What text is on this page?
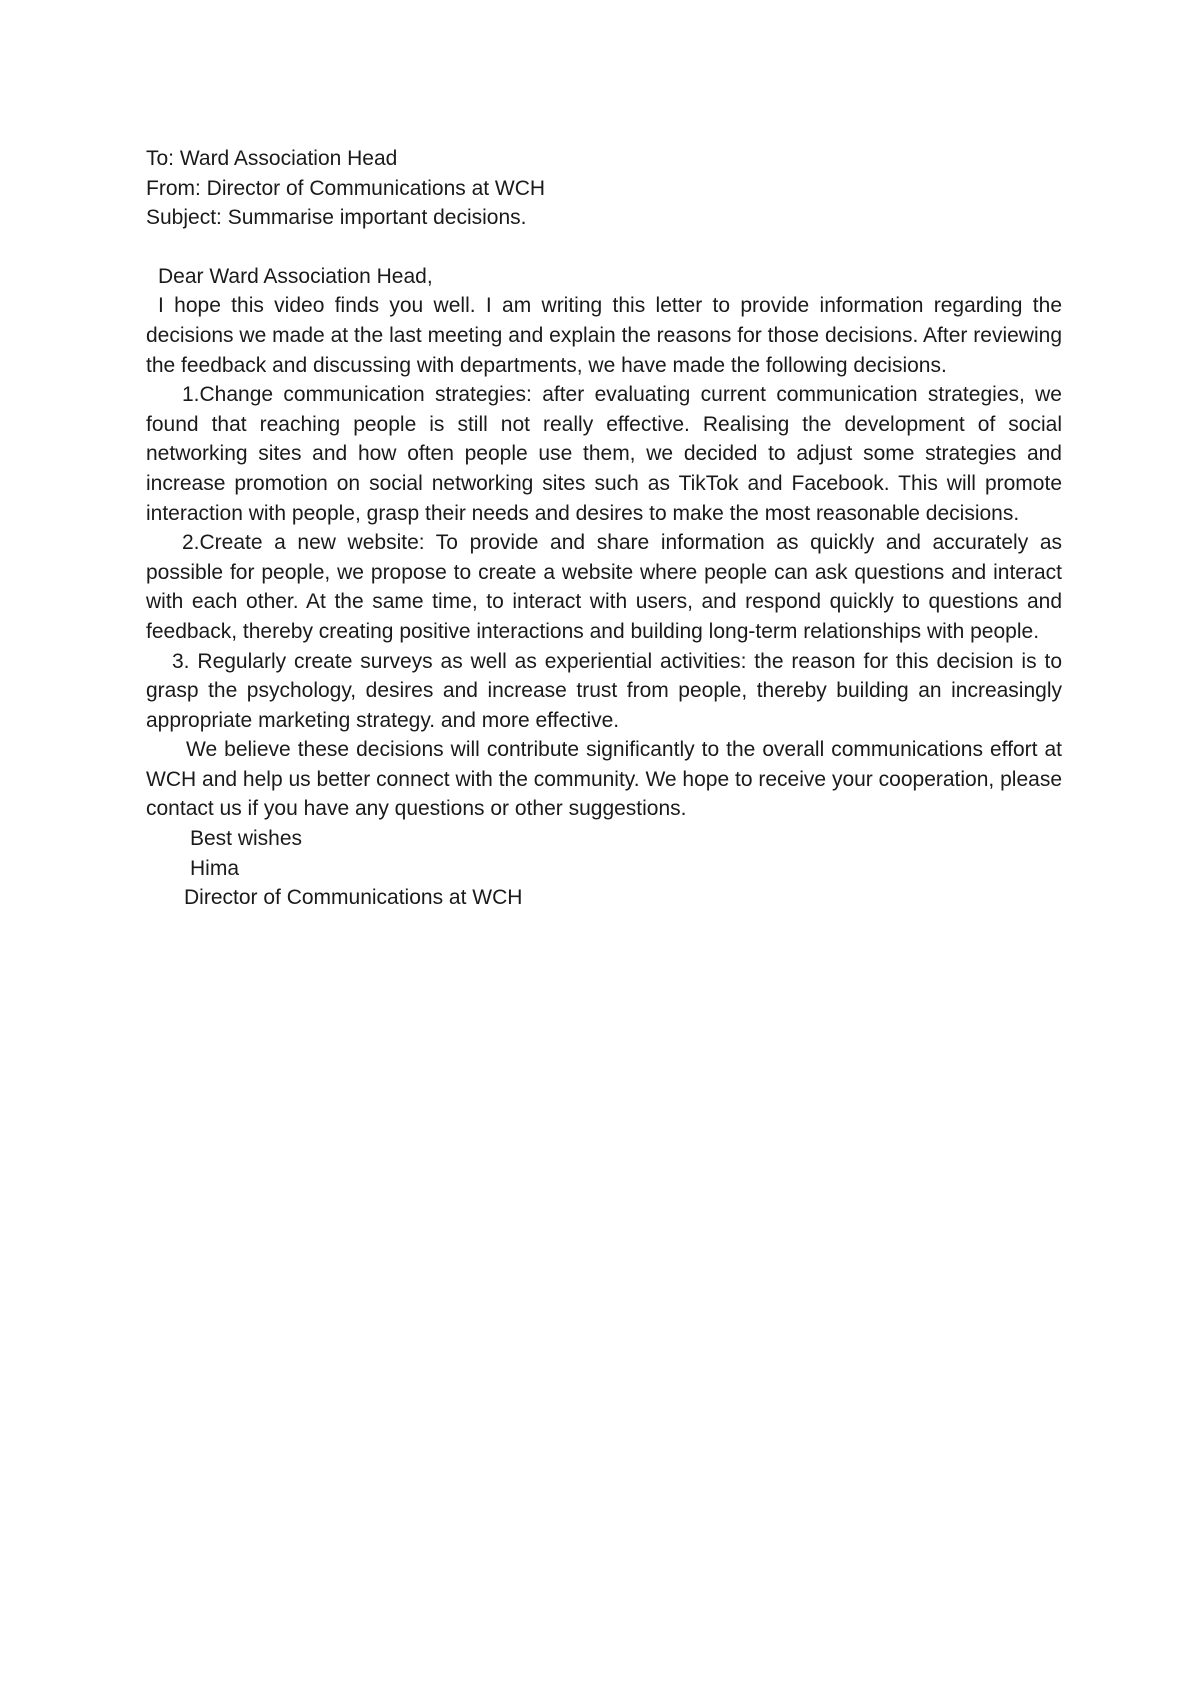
To: Ward Association Head

From: Director of Communications at WCH

Subject: Summarise important decisions.

Dear Ward Association Head,

I hope this video finds you well. I am writing this letter to provide information regarding the decisions we made at the last meeting and explain the reasons for those decisions. After reviewing the feedback and discussing with departments, we have made the following decisions.

1.Change communication strategies: after evaluating current communication strategies, we found that reaching people is still not really effective. Realising the development of social networking sites and how often people use them, we decided to adjust some strategies and increase promotion on social networking sites such as TikTok and Facebook. This will promote interaction with people, grasp their needs and desires to make the most reasonable decisions.

2.Create a new website: To provide and share information as quickly and accurately as possible for people, we propose to create a website where people can ask questions and interact with each other. At the same time, to interact with users, and respond quickly to questions and feedback, thereby creating positive interactions and building long-term relationships with people.

3. Regularly create surveys as well as experiential activities: the reason for this decision is to grasp the psychology, desires and increase trust from people, thereby building an increasingly appropriate marketing strategy. and more effective.

We believe these decisions will contribute significantly to the overall communications effort at WCH and help us better connect with the community. We hope to receive your cooperation, please contact us if you have any questions or other suggestions.

Best wishes

Hima

Director of Communications at WCH
